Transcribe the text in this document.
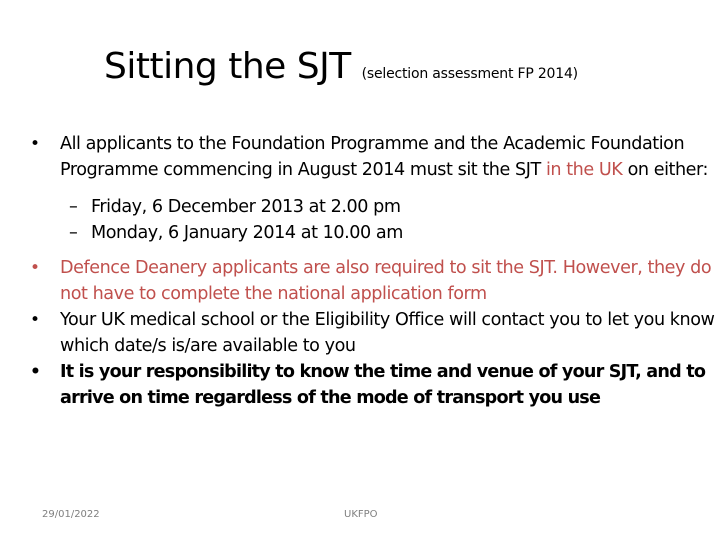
Sitting the SJT (selection assessment FP 2014)
• All applicants to the Foundation Programme and the Academic Foundation Programme commencing in August 2014 must sit the SJT in the UK on either:
– Friday, 6 December 2013 at 2.00 pm
– Monday, 6 January 2014 at 10.00 am
• Defence Deanery applicants are also required to sit the SJT. However, they do not have to complete the national application form
• Your UK medical school or the Eligibility Office will contact you to let you know which date/s is/are available to you
• It is your responsibility to know the time and venue of your SJT, and to arrive on time regardless of the mode of transport you use
29/01/2022	UKFPO
